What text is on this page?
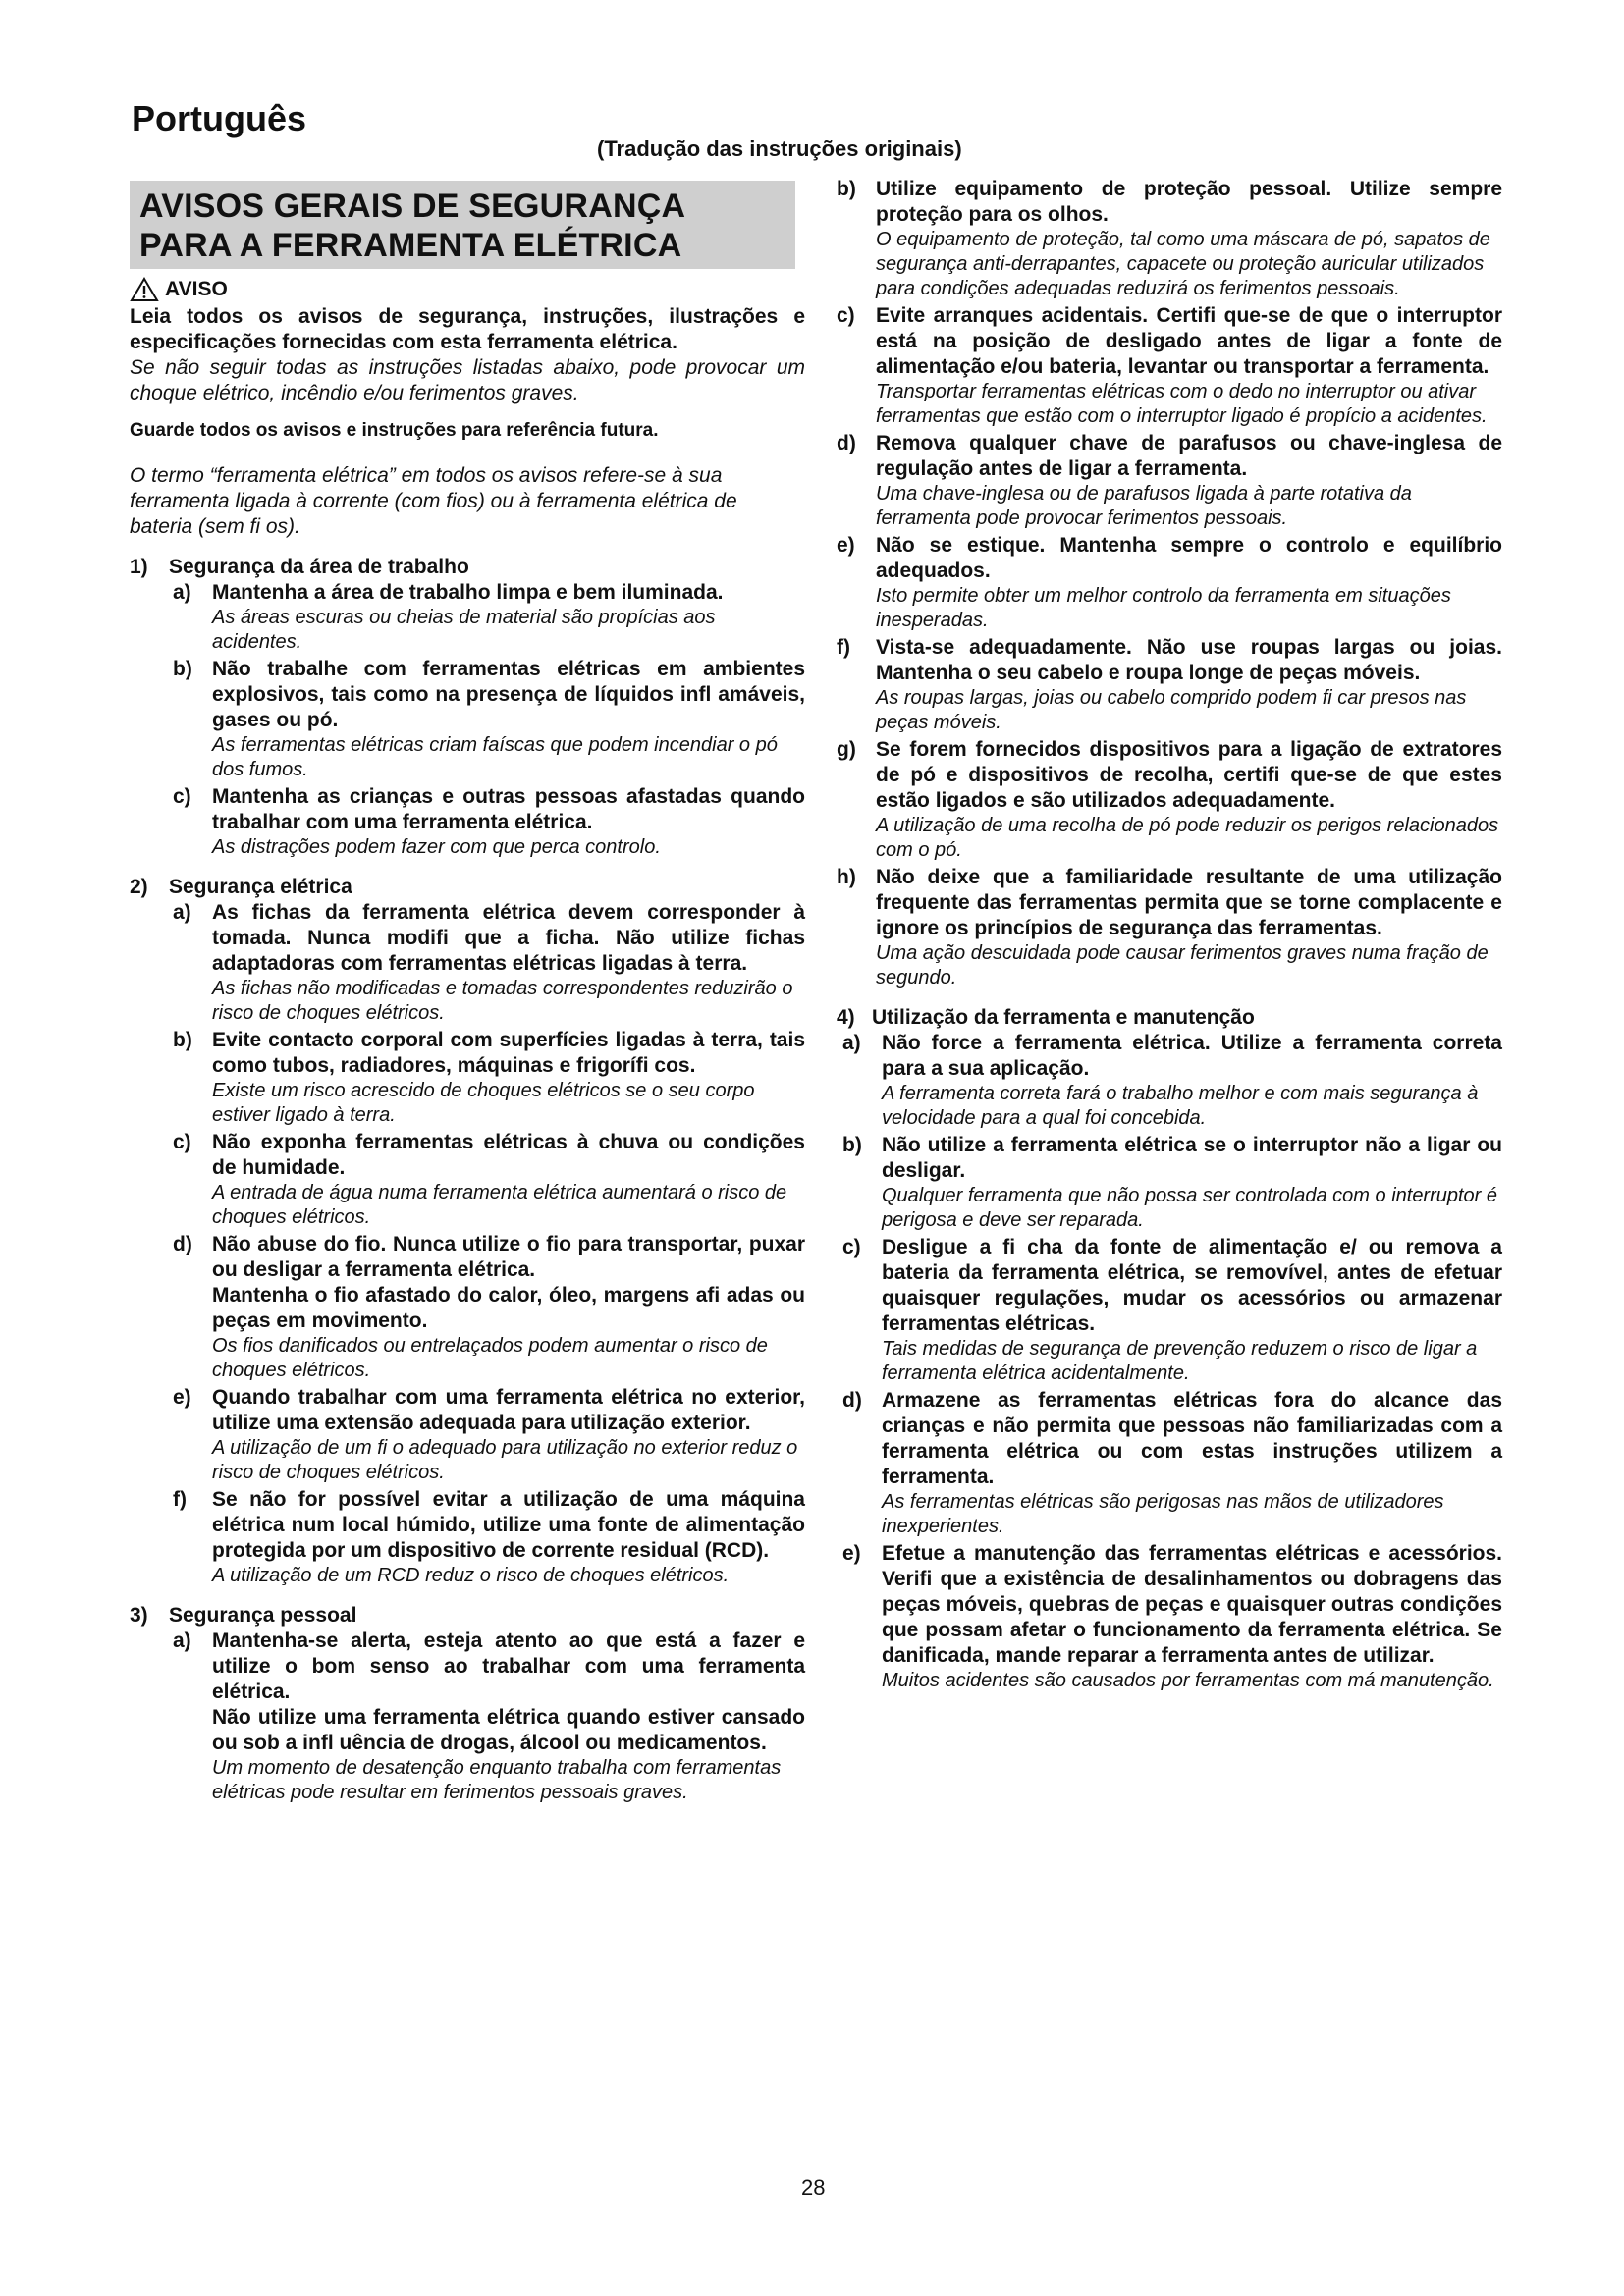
Português

(Tradução das instruções originais)

AVISOS GERAIS DE SEGURANÇA
PARA A FERRAMENTA ELÉTRICA
AVISO

Leia todos os avisos de segurança, instruções, ilustrações e especificações fornecidas com esta ferramenta elétrica.

Se não seguir todas as instruções listadas abaixo, pode provocar um choque elétrico, incêndio e/ou ferimentos graves.

Guarde todos os avisos e instruções para referência futura.

O termo “ferramenta elétrica” em todos os avisos refere-se à sua ferramenta ligada à corrente (com fios) ou à ferramenta elétrica de bateria (sem fi os).

1)	Segurança da área de trabalho
a)	Mantenha a área de trabalho limpa e bem iluminada.

As áreas escuras ou cheias de material são propícias aos acidentes.

b) Não trabalhe com ferramentas elétricas em ambientes explosivos, tais como na presença de líquidos infl amáveis, gases ou pó.

As ferramentas elétricas criam faíscas que podem incendiar o pó dos fumos.

c)	Mantenha as crianças e outras pessoas afastadas quando trabalhar com uma ferramenta elétrica.

As distrações podem fazer com que perca controlo.

2)	Segurança elétrica
a)	As fichas da ferramenta elétrica devem corresponder à tomada. Nunca modifi que a ficha. Não utilize fichas adaptadoras com ferramentas elétricas ligadas à terra.

As fichas não modificadas e tomadas correspondentes reduzirão o risco de choques elétricos.

b) Evite contacto corporal com superfícies ligadas à terra, tais como tubos, radiadores, máquinas e frigorífi cos.

Existe um risco acrescido de choques elétricos se o seu corpo estiver ligado à terra.

c)	Não exponha ferramentas elétricas à chuva ou condições de humidade.

A entrada de água numa ferramenta elétrica aumentará o risco de choques elétricos.

d) Não abuse do fio. Nunca utilize o fio para transportar, puxar ou desligar a ferramenta elétrica.

Mantenha o fio afastado do calor, óleo, margens afi adas ou peças em movimento.

Os fios danificados ou entrelaçados podem aumentar o risco de choques elétricos.

e)	Quando trabalhar com uma ferramenta elétrica no exterior, utilize uma extensão adequada para utilização exterior.

A utilização de um fi o adequado para utilização no exterior reduz o risco de choques elétricos.

f)	Se não for possível evitar a utilização de uma máquina elétrica num local húmido, utilize uma fonte de alimentação protegida por um dispositivo de corrente residual (RCD).

A utilização de um RCD reduz o risco de choques elétricos.

3)	Segurança pessoal
a)	Mantenha-se alerta, esteja atento ao que está a fazer e utilize o bom senso ao trabalhar com uma ferramenta elétrica.

Não utilize uma ferramenta elétrica quando estiver cansado ou sob a infl uência de drogas, álcool ou medicamentos.

Um momento de desatenção enquanto trabalha com ferramentas elétricas pode resultar em ferimentos pessoais graves.

b) Utilize equipamento de proteção pessoal. Utilize sempre proteção para os olhos.

O equipamento de proteção, tal como uma máscara de pó, sapatos de segurança anti-derrapantes, capacete ou proteção auricular utilizados para condições adequadas reduzirá os ferimentos pessoais.

c)	Evite arranques acidentais. Certifi que-se de que o interruptor está na posição de desligado antes de ligar a fonte de alimentação e/ou bateria, levantar ou transportar a ferramenta.

Transportar ferramentas elétricas com o dedo no interruptor ou ativar ferramentas que estão com o interruptor ligado é propício a acidentes.

d) Remova qualquer chave de parafusos ou chave-inglesa de regulação antes de ligar a ferramenta.

Uma chave-inglesa ou de parafusos ligada à parte rotativa da ferramenta pode provocar ferimentos pessoais.

e)	Não se estique. Mantenha sempre o controlo e equilíbrio adequados.

Isto permite obter um melhor controlo da ferramenta em situações inesperadas.

f)	Vista-se adequadamente. Não use roupas largas ou joias. Mantenha o seu cabelo e roupa longe de peças móveis.

As roupas largas, joias ou cabelo comprido podem fi car presos nas peças móveis.

g) Se forem fornecidos dispositivos para a ligação de extratores de pó e dispositivos de recolha, certifi que-se de que estes estão ligados e são utilizados adequadamente.

A utilização de uma recolha de pó pode reduzir os perigos relacionados com o pó.

h) Não deixe que a familiaridade resultante de uma utilização frequente das ferramentas permita que se torne complacente e ignore os princípios de segurança das ferramentas.

Uma ação descuidada pode causar ferimentos graves numa fração de segundo.

4) Utilização da ferramenta e manutenção
a)	Não force a ferramenta elétrica. Utilize a ferramenta correta para a sua aplicação.

A ferramenta correta fará o trabalho melhor e com mais segurança à velocidade para a qual foi concebida.

b) Não utilize a ferramenta elétrica se o interruptor não a ligar ou desligar.

Qualquer ferramenta que não possa ser controlada com o interruptor é perigosa e deve ser reparada.

c)	Desligue a fi cha da fonte de alimentação e/ ou remova a bateria da ferramenta elétrica, se removível, antes de efetuar quaisquer regulações, mudar os acessórios ou armazenar ferramentas elétricas.

Tais medidas de segurança de prevenção reduzem o risco de ligar a ferramenta elétrica acidentalmente.

d) Armazene as ferramentas elétricas fora do alcance das crianças e não permita que pessoas não familiarizadas com a ferramenta elétrica ou com estas instruções utilizem a ferramenta.

As ferramentas elétricas são perigosas nas mãos de utilizadores inexperientes.

e)	Efetue a manutenção das ferramentas elétricas e acessórios. Verifi que a existência de desalinhamentos ou dobragens das peças móveis, quebras de peças e quaisquer outras condições que possam afetar o funcionamento da ferramenta elétrica. Se danificada, mande reparar a ferramenta antes de utilizar.

Muitos acidentes são causados por ferramentas com má manutenção.

28
